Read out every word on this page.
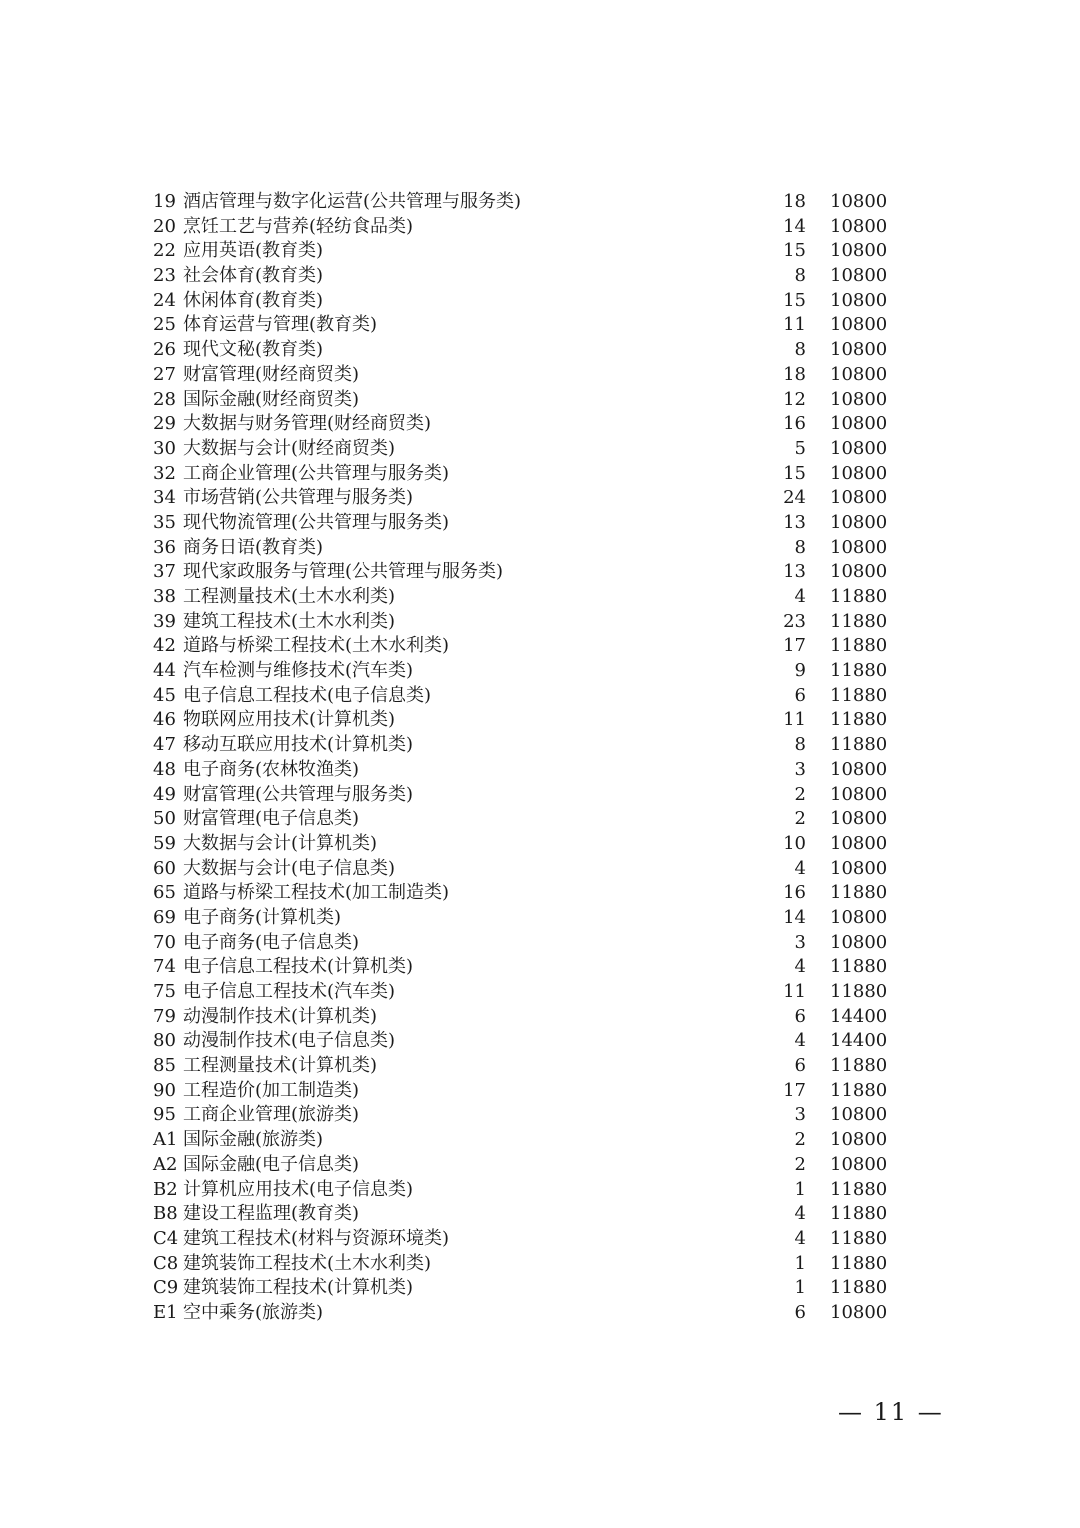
19 酒店管理与数字化运营(公共管理与服务类)	18 10800
20 烹饪工艺与营养(轻纺食品类)	14 10800
22 应用英语(教育类)	15 10800
23 社会体育(教育类)	8 10800
24 休闲体育(教育类)	15 10800
25 体育运营与管理(教育类)	11 10800
26 现代文秘(教育类)	8 10800
27 财富管理(财经商贸类)	18 10800
28 国际金融(财经商贸类)	12 10800
29 大数据与财务管理(财经商贸类)	16 10800
30 大数据与会计(财经商贸类)	5 10800
32 工商企业管理(公共管理与服务类)	15 10800
34 市场营销(公共管理与服务类)	24 10800
35 现代物流管理(公共管理与服务类)	13 10800
36 商务日语(教育类)	8 10800
37 现代家政服务与管理(公共管理与服务类)	13 10800
38 工程测量技术(土木水利类)	4 11880
39 建筑工程技术(土木水利类)	23 11880
42 道路与桥梁工程技术(土木水利类)	17 11880
44 汽车检测与维修技术(汽车类)	9 11880
45 电子信息工程技术(电子信息类)	6 11880
46 物联网应用技术(计算机类)	11 11880
47 移动互联应用技术(计算机类)	8 11880
48 电子商务(农林牧渔类)	3 10800
49 财富管理(公共管理与服务类)	2 10800
50 财富管理(电子信息类)	2 10800
59 大数据与会计(计算机类)	10 10800
60 大数据与会计(电子信息类)	4 10800
65 道路与桥梁工程技术(加工制造类)	16 11880
69 电子商务(计算机类)	14 10800
70 电子商务(电子信息类)	3 10800
74 电子信息工程技术(计算机类)	4 11880
75 电子信息工程技术(汽车类)	11 11880
79 动漫制作技术(计算机类)	6 14400
80 动漫制作技术(电子信息类)	4 14400
85 工程测量技术(计算机类)	6 11880
90 工程造价(加工制造类)	17 11880
95 工商企业管理(旅游类)	3 10800
A1 国际金融(旅游类)	2 10800
A2 国际金融(电子信息类)	2 10800
B2 计算机应用技术(电子信息类)	1 11880
B8 建设工程监理(教育类)	4 11880
C4 建筑工程技术(材料与资源环境类)	4 11880
C8 建筑装饰工程技术(土木水利类)	1 11880
C9 建筑装饰工程技术(计算机类)	1 11880
E1 空中乘务(旅游类)	6 10800
— 11 —
